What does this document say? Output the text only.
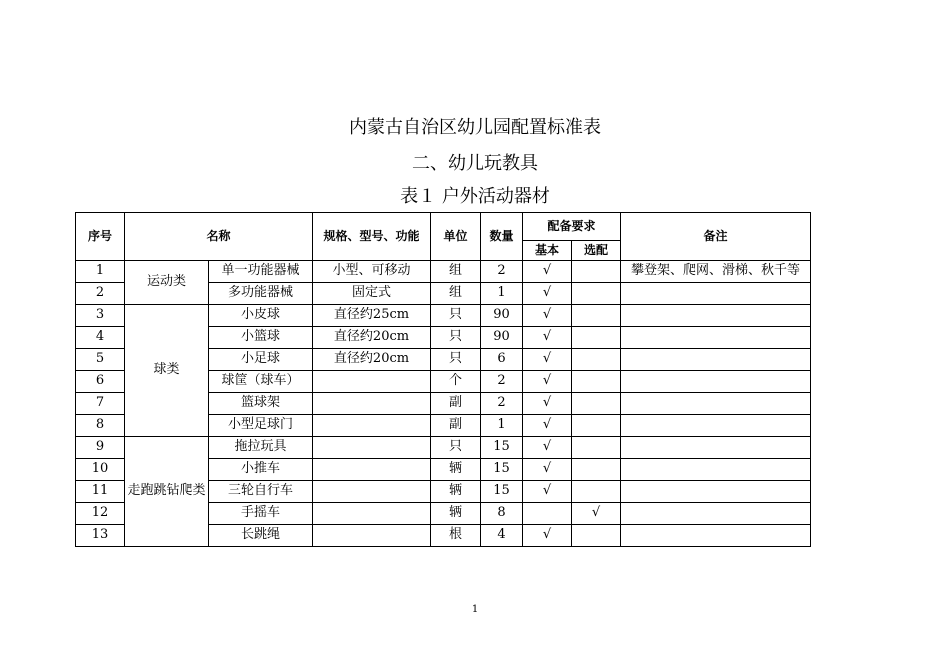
内蒙古自治区幼儿园配置标准表
二、幼儿玩教具
表１ 户外活动器材
序号	名称		规格、型号、功能	单位	数量	配备要求		备注
						基本	选配	
1	运动类	单一功能器械	小型、可移动	组	2	√		攀登架、爬网、滑梯、秋千等
2		多功能器械	固定式	组	1	√		
3	球类	小皮球	直径约25cm	只	90	√		
4		小篮球	直径约20cm	只	90	√		
5		小足球	直径约20cm	只	6	√		
6		球筐（球车）		个	2	√		
7		篮球架		副	2	√		
8		小型足球门		副	1	√		
9	走跑跳钻爬类	拖拉玩具		只	15	√		
10		小推车		辆	15	√		
11		三轮自行车		辆	15	√		
12		手摇车		辆	8		√	
13		长跳绳		根	4	√		
1
